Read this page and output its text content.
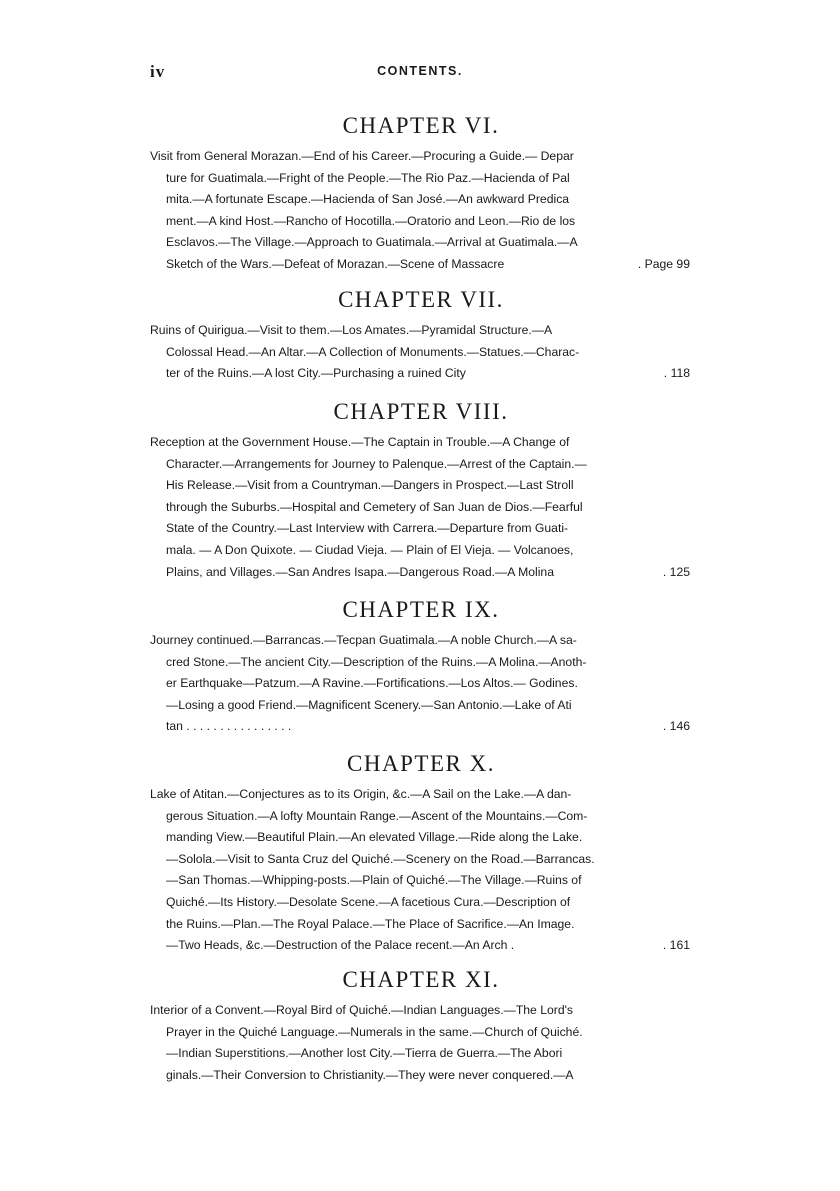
iv	CONTENTS.
CHAPTER VI.
Visit from General Morazan.—End of his Career.—Procuring a Guide.— Depar
ture for Guatimala.—Fright of the People.—The Rio Paz.—Hacienda of Pal
mita.—A fortunate Escape.—Hacienda of San José.—An awkward Predica
ment.—A kind Host.—Rancho of Hocotilla.—Oratorio and Leon.—Rio de los
Esclavos.—The Village.—Approach to Guatimala.—Arrival at Guatimala.—A
Sketch of the Wars.—Defeat of Morazan.—Scene of Massacre	. Page 99
CHAPTER VII.
Ruins of Quirigua.—Visit to them.—Los Amates.—Pyramidal Structure.—A
Colossal Head.—An Altar.—A Collection of Monuments.—Statues.—Charac-
ter of the Ruins.—A lost City.—Purchasing a ruined City	. 118
CHAPTER VIII.
Reception at the Government House.—The Captain in Trouble.—A Change of
Character.—Arrangements for Journey to Palenque.—Arrest of the Captain.—
His Release.—Visit from a Countryman.—Dangers in Prospect.—Last Stroll
through the Suburbs.—Hospital and Cemetery of San Juan de Dios.—Fearful
State of the Country.—Last Interview with Carrera.—Departure from Guati-
mala. — A Don Quixote. — Ciudad Vieja. — Plain of El Vieja. — Volcanoes,
Plains, and Villages.—San Andres Isapa.—Dangerous Road.—A Molina	. 125
CHAPTER IX.
Journey continued.—Barrancas.—Tecpan Guatimala.—A noble Church.—A sa-
cred Stone.—The ancient City.—Description of the Ruins.—A Molina.—Anoth-
er Earthquake—Patzum.—A Ravine.—Fortifications.—Los Altos.— Godines.
—Losing a good Friend.—Magnificent Scenery.—San Antonio.—Lake of Ati
tan . . . . . . . . . . . . . . . .	. 146
CHAPTER X.
Lake of Atitan.—Conjectures as to its Origin, &c.—A Sail on the Lake.—A dan-
gerous Situation.—A lofty Mountain Range.—Ascent of the Mountains.—Com-
manding View.—Beautiful Plain.—An elevated Village.—Ride along the Lake.
—Solola.—Visit to Santa Cruz del Quiché.—Scenery on the Road.—Barrancas.
—San Thomas.—Whipping-posts.—Plain of Quiché.—The Village.—Ruins of
Quiché.—Its History.—Desolate Scene.—A facetious Cura.—Description of
the Ruins.—Plan.—The Royal Palace.—The Place of Sacrifice.—An Image.
—Two Heads, &c.—Destruction of the Palace recent.—An Arch .	. 161
CHAPTER XI.
Interior of a Convent.—Royal Bird of Quiché.—Indian Languages.—The Lord's
Prayer in the Quiché Language.—Numerals in the same.—Church of Quiché.
—Indian Superstitions.—Another lost City.—Tierra de Guerra.—The Abori
ginals.—Their Conversion to Christianity.—They were never conquered.—A
